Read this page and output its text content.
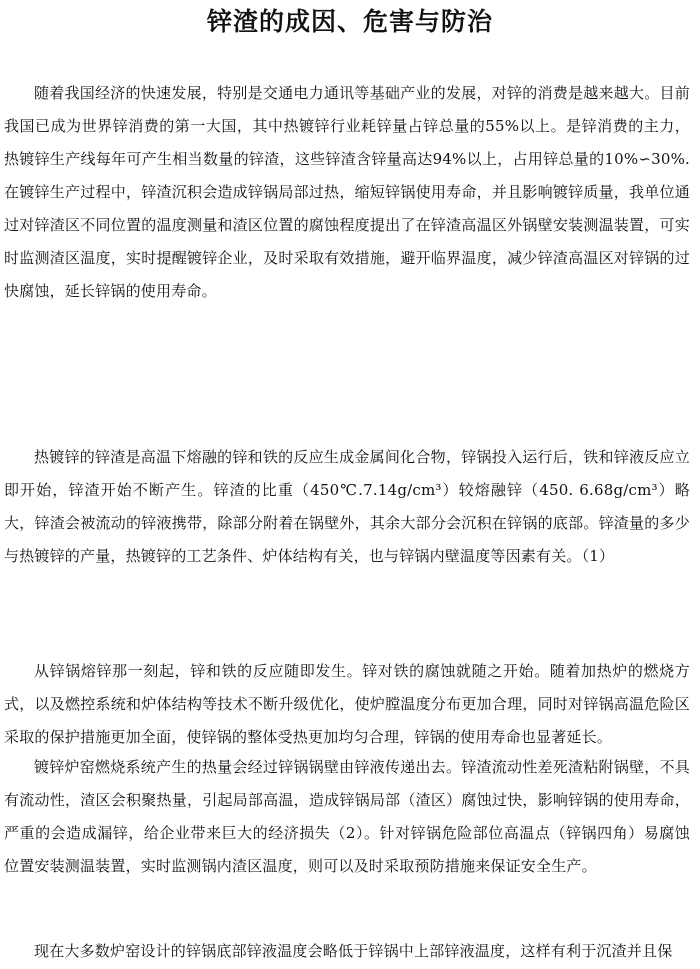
锌渣的成因、危害与防治

随着我国经济的快速发展，特别是交通电力通讯等基础产业的发展，对锌的消费是越来越大。目前我国已成为世界锌消费的第一大国，其中热镀锌行业耗锌量占锌总量的55%以上。是锌消费的主力，热镀锌生产线每年可产生相当数量的锌渣，这些锌渣含锌量高达94%以上，占用锌总量的10%∽30%.在镀锌生产过程中，锌渣沉积会造成锌锅局部过热，缩短锌锅使用寿命，并且影响镀锌质量，我单位通过对锌渣区不同位置的温度测量和渣区位置的腐蚀程度提出了在锌渣高温区外锅壁安装测温装置，可实时监测渣区温度，实时提醒镀锌企业，及时采取有效措施，避开临界温度，减少锌渣高温区对锌锅的过快腐蚀，延长锌锅的使用寿命。

热镀锌的锌渣是高温下熔融的锌和铁的反应生成金属间化合物，锌锅投入运行后，铁和锌液反应立即开始，锌渣开始不断产生。锌渣的比重（450℃.7.14g/cm³）较熔融锌（450. 6.68g/cm³）略大，锌渣会被流动的锌液携带，除部分附着在锅壁外，其余大部分会沉积在锌锅的底部。锌渣量的多少与热镀锌的产量，热镀锌的工艺条件、炉体结构有关，也与锌锅内壁温度等因素有关。（1）

从锌锅熔锌那一刻起，锌和铁的反应随即发生。锌对铁的腐蚀就随之开始。随着加热炉的燃烧方式，以及燃控系统和炉体结构等技术不断升级优化，使炉膛温度分布更加合理，同时对锌锅高温危险区采取的保护措施更加全面，使锌锅的整体受热更加均匀合理，锌锅的使用寿命也显著延长。

镀锌炉窑燃烧系统产生的热量会经过锌锅锅壁由锌液传递出去。锌渣流动性差死渣粘附锅壁，不具有流动性，渣区会积聚热量，引起局部高温，造成锌锅局部（渣区）腐蚀过快，影响锌锅的使用寿命，严重的会造成漏锌，给企业带来巨大的经济损失（2）。针对锌锅危险部位高温点（锌锅四角）易腐蚀位置安装测温装置，实时监测锅内渣区温度，则可以及时采取预防措施来保证安全生产。

现在大多数炉窑设计的锌锅底部锌液温度会略低于锌锅中上部锌液温度，这样有利于沉渣并且保
